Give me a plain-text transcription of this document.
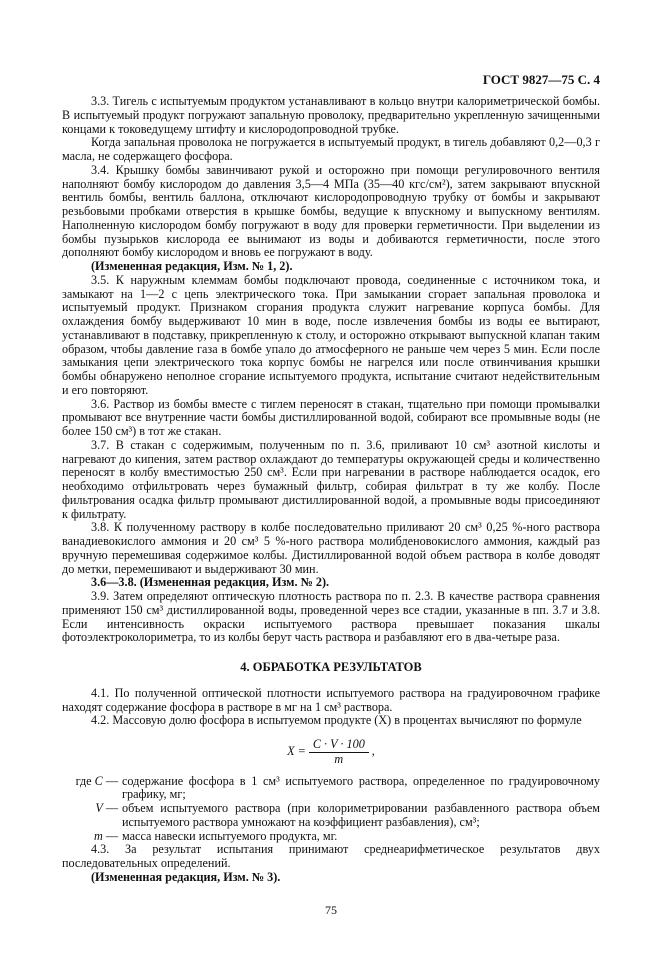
ГОСТ 9827—75 С. 4

3.3. Тигель с испытуемым продуктом устанавливают в кольцо внутри калориметрической бомбы. В испытуемый продукт погружают запальную проволоку, предварительно укрепленную зачищенными концами к токоведущему штифту и кислородопроводной трубке.

Когда запальная проволока не погружается в испытуемый продукт, в тигель добавляют 0,2—0,3 г масла, не содержащего фосфора.

3.4. Крышку бомбы завинчивают рукой и осторожно при помощи регулировочного вентиля наполняют бомбу кислородом до давления 3,5—4 МПа (35—40 кгс/см²), затем закрывают впускной вентиль бомбы, вентиль баллона, отключают кислородопроводную трубку от бомбы и закрывают резьбовыми пробками отверстия в крышке бомбы, ведущие к впускному и выпускному вентилям. Наполненную кислородом бомбу погружают в воду для проверки герметичности. При выделении из бомбы пузырьков кислорода ее вынимают из воды и добиваются герметичности, после этого дополняют бомбу кислородом и вновь ее погружают в воду.

(Измененная редакция, Изм. № 1, 2).

3.5. К наружным клеммам бомбы подключают провода, соединенные с источником тока, и замыкают на 1—2 с цепь электрического тока. При замыкании сгорает запальная проволока и испытуемый продукт. Признаком сгорания продукта служит нагревание корпуса бомбы. Для охлаждения бомбу выдерживают 10 мин в воде, после извлечения бомбы из воды ее вытирают, устанавливают в подставку, прикрепленную к столу, и осторожно открывают выпускной клапан таким образом, чтобы давление газа в бомбе упало до атмосферного не раньше чем через 5 мин. Если после замыкания цепи электрического тока корпус бомбы не нагрелся или после отвинчивания крышки бомбы обнаружено неполное сгорание испытуемого продукта, испытание считают недействительным и его повторяют.

3.6. Раствор из бомбы вместе с тиглем переносят в стакан, тщательно при помощи промывалки промывают все внутренние части бомбы дистиллированной водой, собирают все промывные воды (не более 150 см³) в тот же стакан.

3.7. В стакан с содержимым, полученным по п. 3.6, приливают 10 см³ азотной кислоты и нагревают до кипения, затем раствор охлаждают до температуры окружающей среды и количественно переносят в колбу вместимостью 250 см³. Если при нагревании в растворе наблюдается осадок, его необходимо отфильтровать через бумажный фильтр, собирая фильтрат в ту же колбу. После фильтрования осадка фильтр промывают дистиллированной водой, а промывные воды присоединяют к фильтрату.

3.8. К полученному раствору в колбе последовательно приливают 20 см³ 0,25 %-ного раствора ванадиевокислого аммония и 20 см³ 5 %-ного раствора молибденовокислого аммония, каждый раз вручную перемешивая содержимое колбы. Дистиллированной водой объем раствора в колбе доводят до метки, перемешивают и выдерживают 30 мин.

3.6—3.8. (Измененная редакция, Изм. № 2).

3.9. Затем определяют оптическую плотность раствора по п. 2.3. В качестве раствора сравнения применяют 150 см³ дистиллированной воды, проведенной через все стадии, указанные в пп. 3.7 и 3.8. Если интенсивность окраски испытуемого раствора превышает показания шкалы фотоэлектроколориметра, то из колбы берут часть раствора и разбавляют его в два-четыре раза.

4. ОБРАБОТКА РЕЗУЛЬТАТОВ

4.1. По полученной оптической плотности испытуемого раствора на градуировочном графике находят содержание фосфора в растворе в мг на 1 см³ раствора.

4.2. Массовую долю фосфора в испытуемом продукте (X) в процентах вычисляют по формуле

$X = \frac{C \cdot V \cdot 100}{m}$ ,
где C — содержание фосфора в 1 см³ испытуемого раствора, определенное по градуировочному графику, мг;
V — объем испытуемого раствора (при колориметрировании разбавленного раствора объем испытуемого раствора умножают на коэффициент разбавления), см³;
m — масса навески испытуемого продукта, мг.

4.3. За результат испытания принимают среднеарифметическое результатов двух последовательных определений.

(Измененная редакция, Изм. № 3).

75
